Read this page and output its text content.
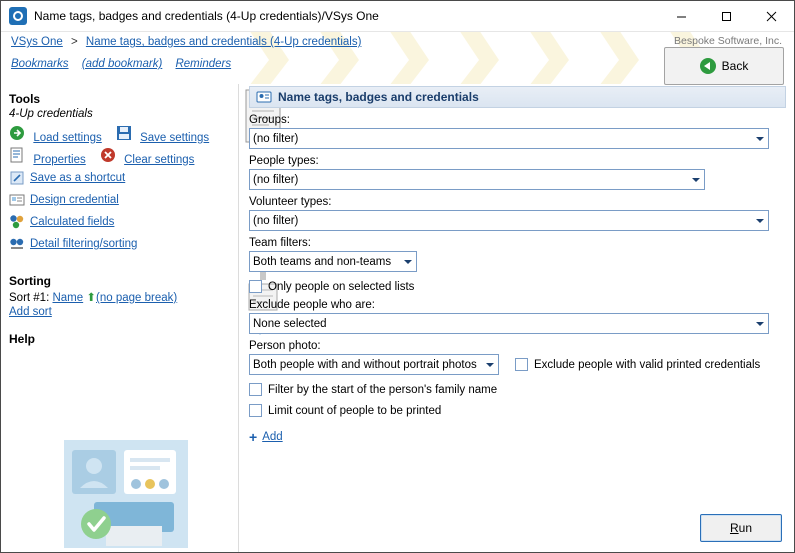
Name tags, badges and credentials (4-Up credentials)/VSys One
VSys One > Name tags, badges and credentials (4-Up credentials)
Bookmarks (add bookmark) Reminders
Bespoke Software, Inc.
Back
Tools
4-Up credentials
Load settings	Save settings
Properties	Clear settings
Save as a shortcut
Design credential
Calculated fields
Detail filtering/sorting
Sorting
Sort #1: Name ⬆(no page break)
Add sort
Help
Name tags, badges and credentials
Groups:
(no filter)
People types:
(no filter)
Volunteer types:
(no filter)
Team filters:
Both teams and non-teams
Only people on selected lists
Exclude people who are:
None selected
Person photo:
Both people with and without portrait photos
Exclude people with valid printed credentials
Filter by the start of the person's family name
Limit count of people to be printed
+ Add
R un
